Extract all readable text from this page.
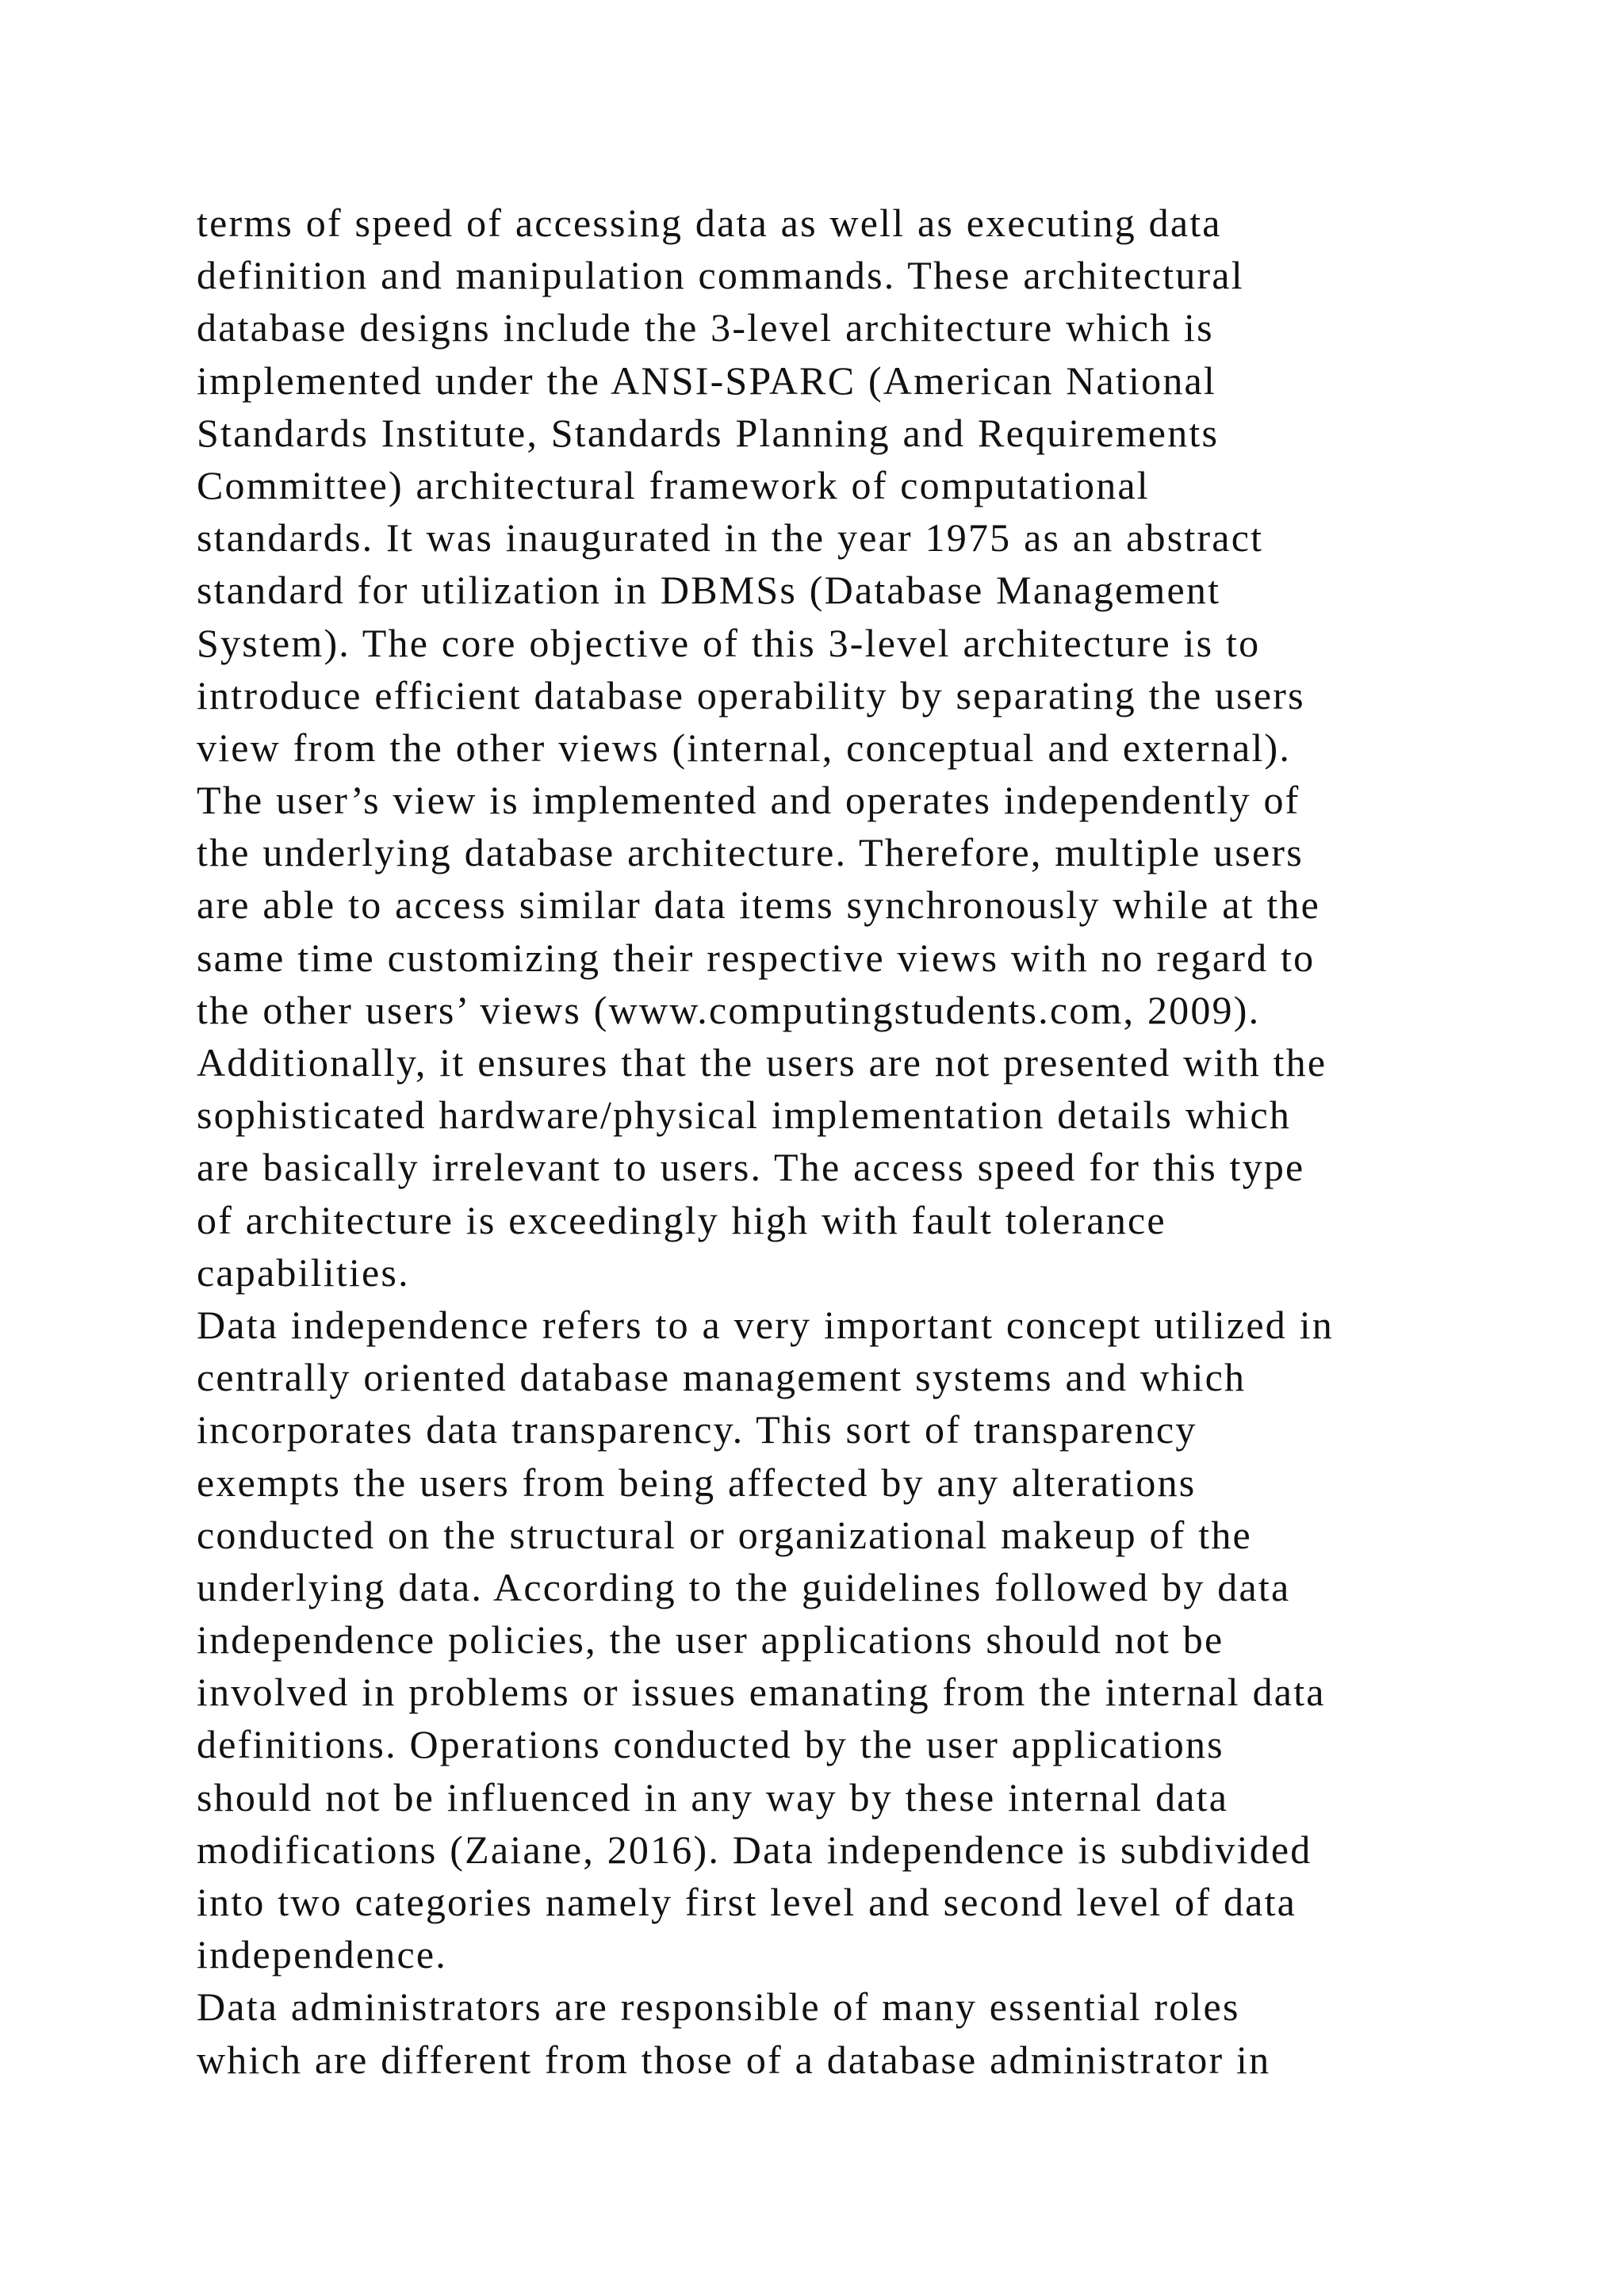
terms of speed of accessing data as well as executing data
definition and manipulation commands. These architectural
database designs include the 3-level architecture which is
implemented under the ANSI-SPARC (American National
Standards Institute, Standards Planning and Requirements
Committee) architectural framework of computational
standards. It was inaugurated in the year 1975 as an abstract
standard for utilization in DBMSs (Database Management
System). The core objective of this 3-level architecture is to
introduce efficient database operability by separating the users
view from the other views (internal, conceptual and external).
The user’s view is implemented and operates independently of
the underlying database architecture. Therefore, multiple users
are able to access similar data items synchronously while at the
same time customizing their respective views with no regard to
the other users’ views (www.computingstudents.com, 2009).
Additionally, it ensures that the users are not presented with the
sophisticated hardware/physical implementation details which
are basically irrelevant to users. The access speed for this type
of architecture is exceedingly high with fault tolerance
capabilities.
Data independence refers to a very important concept utilized in
centrally oriented database management systems and which
incorporates data transparency. This sort of transparency
exempts the users from being affected by any alterations
conducted on the structural or organizational makeup of the
underlying data. According to the guidelines followed by data
independence policies, the user applications should not be
involved in problems or issues emanating from the internal data
definitions. Operations conducted by the user applications
should not be influenced in any way by these internal data
modifications (Zaiane, 2016). Data independence is subdivided
into two categories namely first level and second level of data
independence.
Data administrators are responsible of many essential roles
which are different from those of a database administrator in
